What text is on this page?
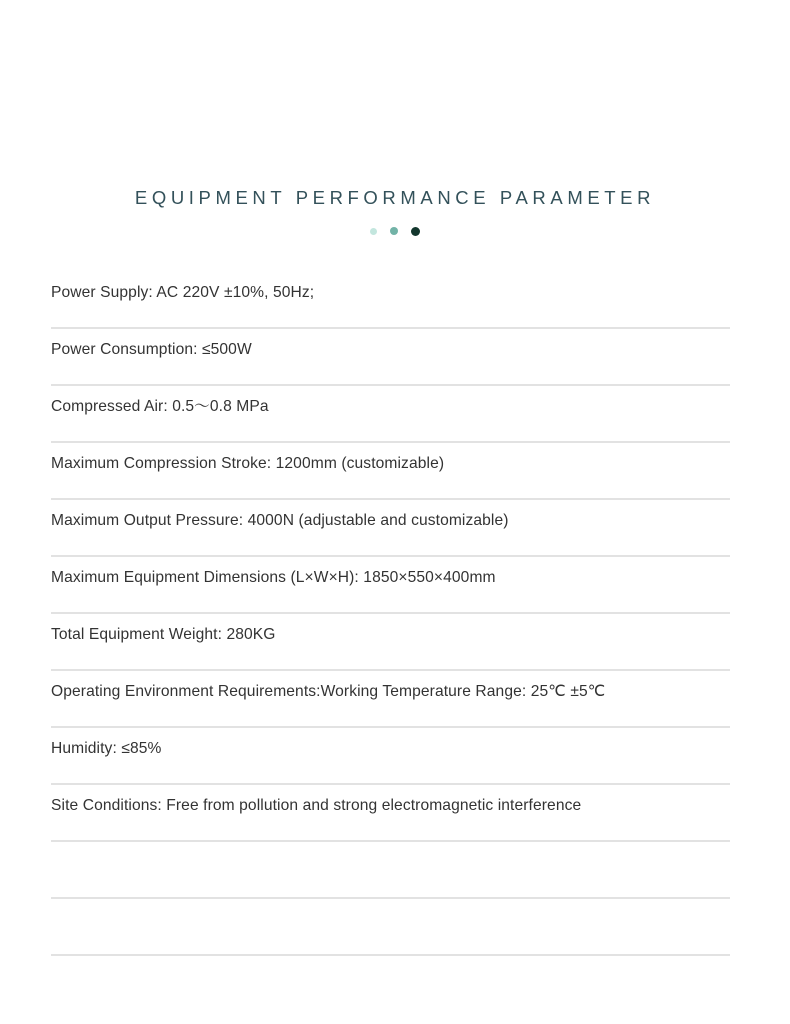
EQUIPMENT PERFORMANCE PARAMETER
Power Supply: AC 220V ±10%, 50Hz;
Power Consumption: ≤500W
Compressed Air: 0.5～0.8 MPa
Maximum Compression Stroke: 1200mm (customizable)
Maximum Output Pressure: 4000N (adjustable and customizable)
Maximum Equipment Dimensions (L×W×H): 1850×550×400mm
Total Equipment Weight: 280KG
Operating Environment Requirements:Working Temperature Range: 25℃ ±5℃
Humidity: ≤85%
Site Conditions: Free from pollution and strong electromagnetic interference
